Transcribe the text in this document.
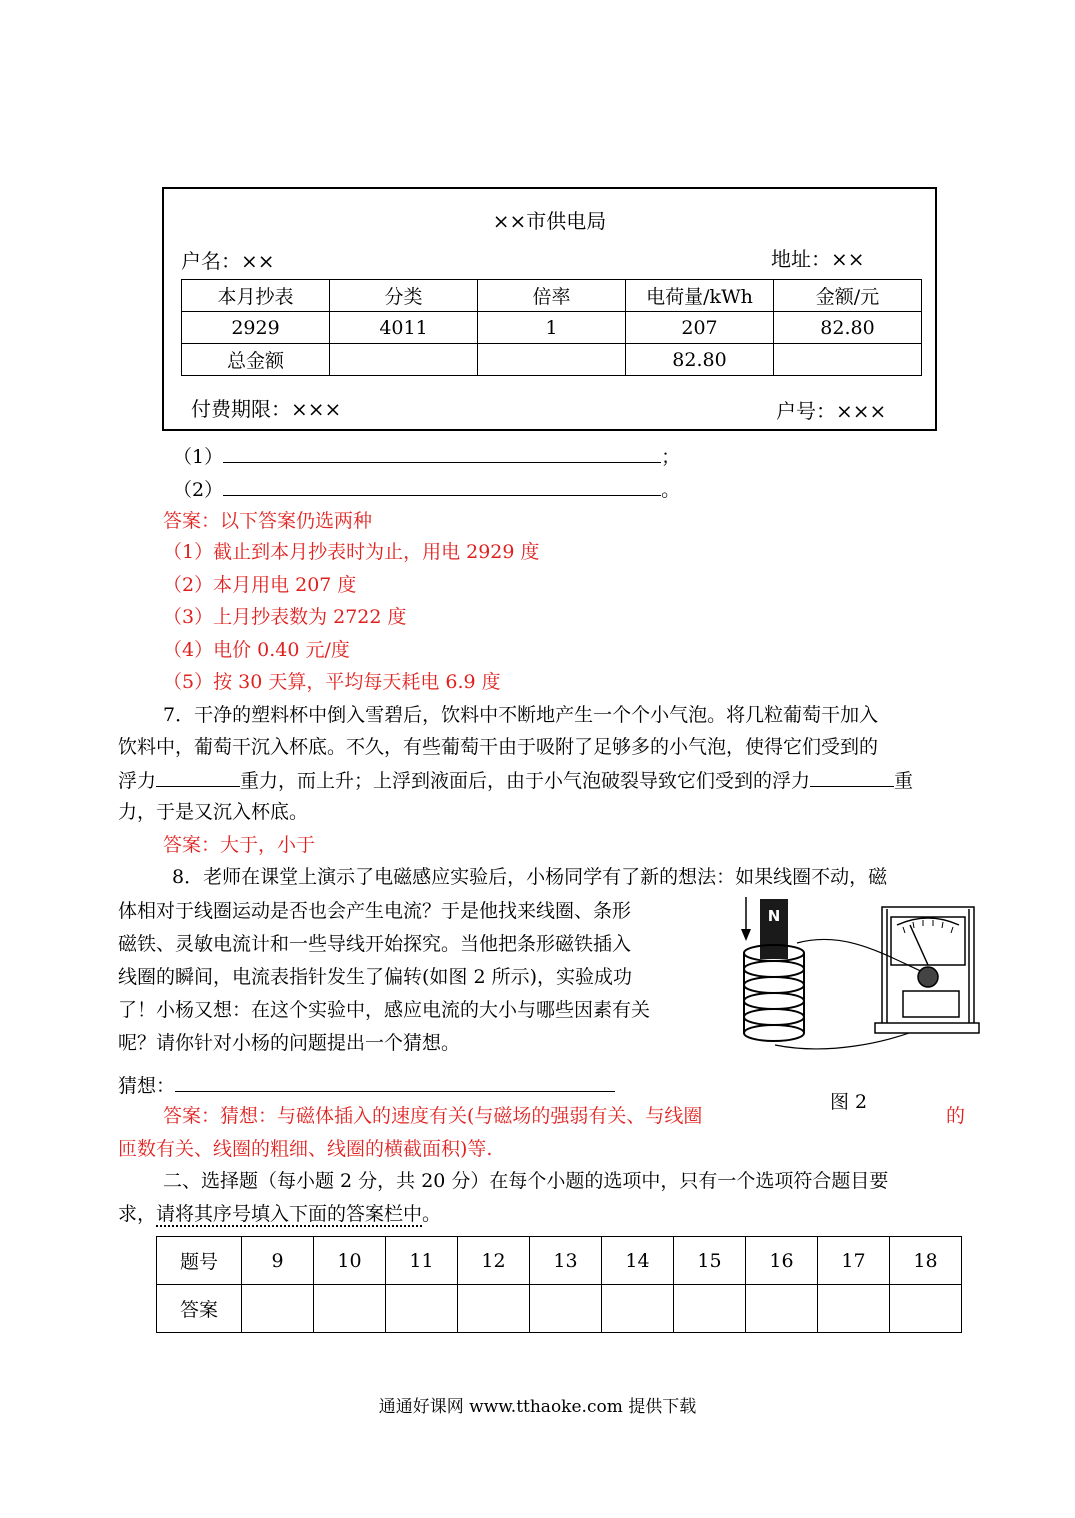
××市供电局
户名：××	地址：××
本月抄表	分类	倍率	电荷量/kWh	金额/元
2929	4011	1	207	82.80
总金额			82.80	
付费期限：×××	户号：×××
（1）	；
（2）	。
答案：以下答案仍选两种
（1）截止到本月抄表时为止，用电 2929 度
（2）本月用电 207 度
（3）上月抄表数为 2722 度
（4）电价 0.40 元/度
（5）按 30 天算，平均每天耗电 6.9 度
7．干净的塑料杯中倒入雪碧后，饮料中不断地产生一个个小气泡。将几粒葡萄干加入
饮料中，葡萄干沉入杯底。不久，有些葡萄干由于吸附了足够多的小气泡，使得它们受到的
浮力	重力，而上升；上浮到液面后，由于小气泡破裂导致它们受到的浮力	重
力，于是又沉入杯底。
答案：大于，小于
8．老师在课堂上演示了电磁感应实验后，小杨同学有了新的想法：如果线圈不动，磁
体相对于线圈运动是否也会产生电流？于是他找来线圈、条形
磁铁、灵敏电流计和一些导线开始探究。当他把条形磁铁插入
线圈的瞬间，电流表指针发生了偏转(如图 2 所示)，实验成功
了！小杨又想：在这个实验中，感应电流的大小与哪些因素有关
呢？请你针对小杨的问题提出一个猜想。
N
猜想：
图 2
答案：猜想：与磁体插入的速度有关(与磁场的强弱有关、与线圈	的
匝数有关、线圈的粗细、线圈的横截面积)等.
二、选择题（每小题 2 分，共 20 分）在每个小题的选项中，只有一个选项符合题目要
求，请将其序号填入下面的答案栏中。
题号	9	10	11	12	13	14	15	16	17	18
答案										
通通好课网 www.tthaoke.com 提供下载
